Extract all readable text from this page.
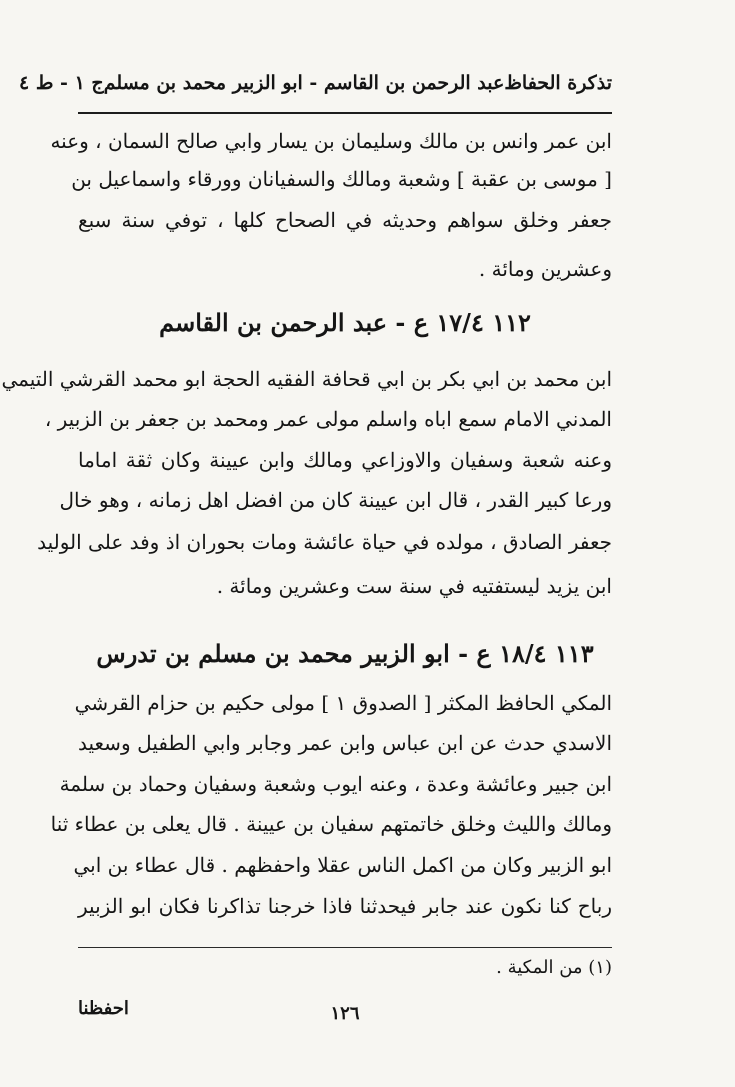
تذكرة الحفاظ
عبد الرحمن بن القاسم - ابو الزبير محمد بن مسلم
ج ١ - ط ٤
ابن عمر وانس بن مالك وسليمان بن يسار وابي صالح السمان ، وعنه
[ موسى بن عقبة ] وشعبة ومالك والسفيانان وورقاء واسماعيل بن
جعفر وخلق سواهم وحديثه في الصحاح كلها ، توفي سنة سبع
وعشرين ومائة .
١١٢ ١٧/٤ ع - عبد الرحمن بن القاسم
ابن محمد بن ابي بكر بن ابي قحافة الفقيه الحجة ابو محمد القرشي التيمي
المدني الامام سمع اباه واسلم مولى عمر ومحمد بن جعفر بن الزبير ،
وعنه شعبة وسفيان والاوزاعي ومالك وابن عيينة وكان ثقة اماما
ورعا كبير القدر ، قال ابن عيينة كان من افضل اهل زمانه ، وهو خال
جعفر الصادق ، مولده في حياة عائشة ومات بحوران اذ وفد على الوليد
ابن يزيد ليستفتيه في سنة ست وعشرين ومائة .
١١٣ ١٨/٤ ع - ابو الزبير محمد بن مسلم بن تدرس
المكي الحافظ المكثر [ الصدوق ١ ] مولى حكيم بن حزام القرشي
الاسدي حدث عن ابن عباس وابن عمر وجابر وابي الطفيل وسعيد
ابن جبير وعائشة وعدة ، وعنه ايوب وشعبة وسفيان وحماد بن سلمة
ومالك والليث وخلق خاتمتهم سفيان بن عيينة . قال يعلى بن عطاء ثنا
ابو الزبير وكان من اكمل الناس عقلا واحفظهم . قال عطاء بن ابي
رباح كنا نكون عند جابر فيحدثنا فاذا خرجنا تذاكرنا فكان ابو الزبير
(١) من المكية .
١٢٦
احفظنا
